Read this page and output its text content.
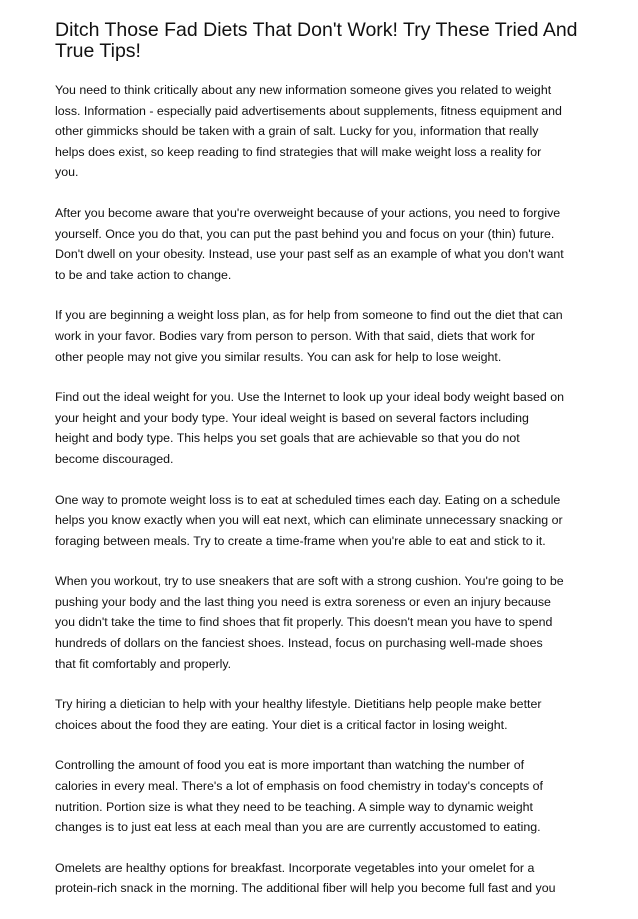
Ditch Those Fad Diets That Don't Work! Try These Tried And
True Tips!

You need to think critically about any new information someone gives you related to weight
loss. Information - especially paid advertisements about supplements, fitness equipment and
other gimmicks should be taken with a grain of salt. Lucky for you, information that really
helps does exist, so keep reading to find strategies that will make weight loss a reality for
you.

After you become aware that you're overweight because of your actions, you need to forgive
yourself. Once you do that, you can put the past behind you and focus on your (thin) future.
Don't dwell on your obesity. Instead, use your past self as an example of what you don't want
to be and take action to change.

If you are beginning a weight loss plan, as for help from someone to find out the diet that can
work in your favor. Bodies vary from person to person. With that said, diets that work for
other people may not give you similar results. You can ask for help to lose weight.

Find out the ideal weight for you. Use the Internet to look up your ideal body weight based on
your height and your body type. Your ideal weight is based on several factors including
height and body type. This helps you set goals that are achievable so that you do not
become discouraged.

One way to promote weight loss is to eat at scheduled times each day. Eating on a schedule
helps you know exactly when you will eat next, which can eliminate unnecessary snacking or
foraging between meals. Try to create a time-frame when you're able to eat and stick to it.

When you workout, try to use sneakers that are soft with a strong cushion. You're going to be
pushing your body and the last thing you need is extra soreness or even an injury because
you didn't take the time to find shoes that fit properly. This doesn't mean you have to spend
hundreds of dollars on the fanciest shoes. Instead, focus on purchasing well-made shoes
that fit comfortably and properly.

Try hiring a dietician to help with your healthy lifestyle. Dietitians help people make better
choices about the food they are eating. Your diet is a critical factor in losing weight.

Controlling the amount of food you eat is more important than watching the number of
calories in every meal. There's a lot of emphasis on food chemistry in today's concepts of
nutrition. Portion size is what they need to be teaching. A simple way to dynamic weight
changes is to just eat less at each meal than you are are currently accustomed to eating.

Omelets are healthy options for breakfast. Incorporate vegetables into your omelet for a
protein-rich snack in the morning. The additional fiber will help you become full fast and you
